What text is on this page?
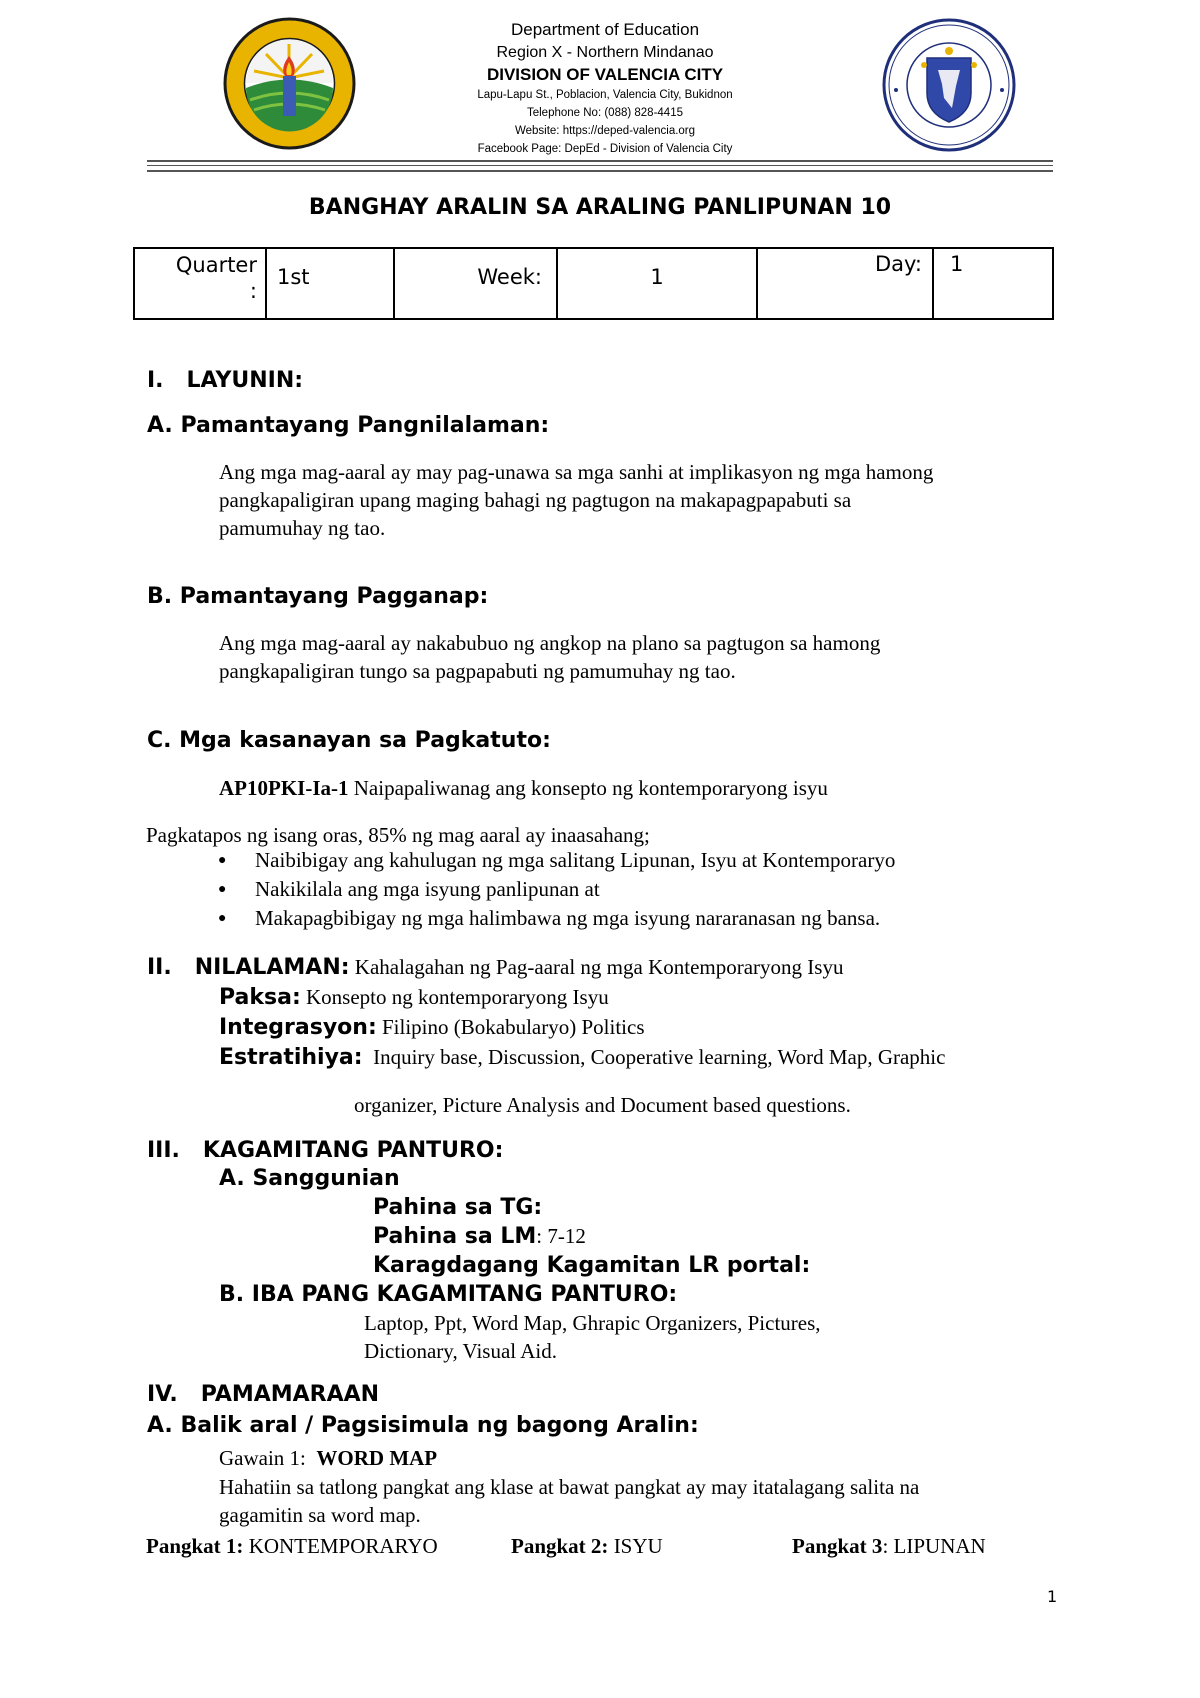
Department of Education
Region X - Northern Mindanao
DIVISION OF VALENCIA CITY
Lapu-Lapu St., Poblacion, Valencia City, Bukidnon
Telephone No: (088) 828-4415
Website: https://deped-valencia.org
Facebook Page: DepEd - Division of Valencia City
BANGHAY ARALIN SA ARALING PANLIPUNAN 10
Quarter
:
	1st	Week:	1	Day:	1
I.   LAYUNIN:
A. Pamantayang Pangnilalaman:
Ang mga mag-aaral ay may pag-unawa sa mga sanhi at implikasyon ng mga hamong
pangkapaligiran upang maging bahagi ng pagtugon na makapagpapabuti sa
pamumuhay ng tao.
B. Pamantayang Pagganap:
Ang mga mag-aaral ay nakabubuo ng angkop na plano sa pagtugon sa hamong
pangkapaligiran tungo sa pagpapabuti ng pamumuhay ng tao.
C. Mga kasanayan sa Pagkatuto:
AP10PKI-Ia-1 Naipapaliwanag ang konsepto ng kontemporaryong isyu
Pagkatapos ng isang oras, 85% ng mag aaral ay inaasahang;
● Naibibigay ang kahulugan ng mga salitang Lipunan, Isyu at Kontemporaryo
● Nakikilala ang mga isyung panlipunan at
● Makapagbibigay ng mga halimbawa ng mga isyung nararanasan ng bansa.
II.   NILALAMAN: Kahalagahan ng Pag-aaral ng mga Kontemporaryong Isyu
Paksa: Konsepto ng kontemporaryong Isyu
Integrasyon: Filipino (Bokabularyo) Politics
Estratihiya:  Inquiry base, Discussion, Cooperative learning, Word Map, Graphic
organizer, Picture Analysis and Document based questions.
III.   KAGAMITANG PANTURO:
A. Sanggunian
Pahina sa TG:
Pahina sa LM: 7-12
Karagdagang Kagamitan LR portal:
B. IBA PANG KAGAMITANG PANTURO:
Laptop, Ppt, Word Map, Ghrapic Organizers, Pictures,
Dictionary, Visual Aid.
IV.   PAMAMARAAN
A. Balik aral / Pagsisimula ng bagong Aralin:
Gawain 1:  WORD MAP
Hahatiin sa tatlong pangkat ang klase at bawat pangkat ay may itatalagang salita na
gagamitin sa word map.
Pangkat 1: KONTEMPORARYO	Pangkat 2: ISYU	Pangkat 3: LIPUNAN
1
